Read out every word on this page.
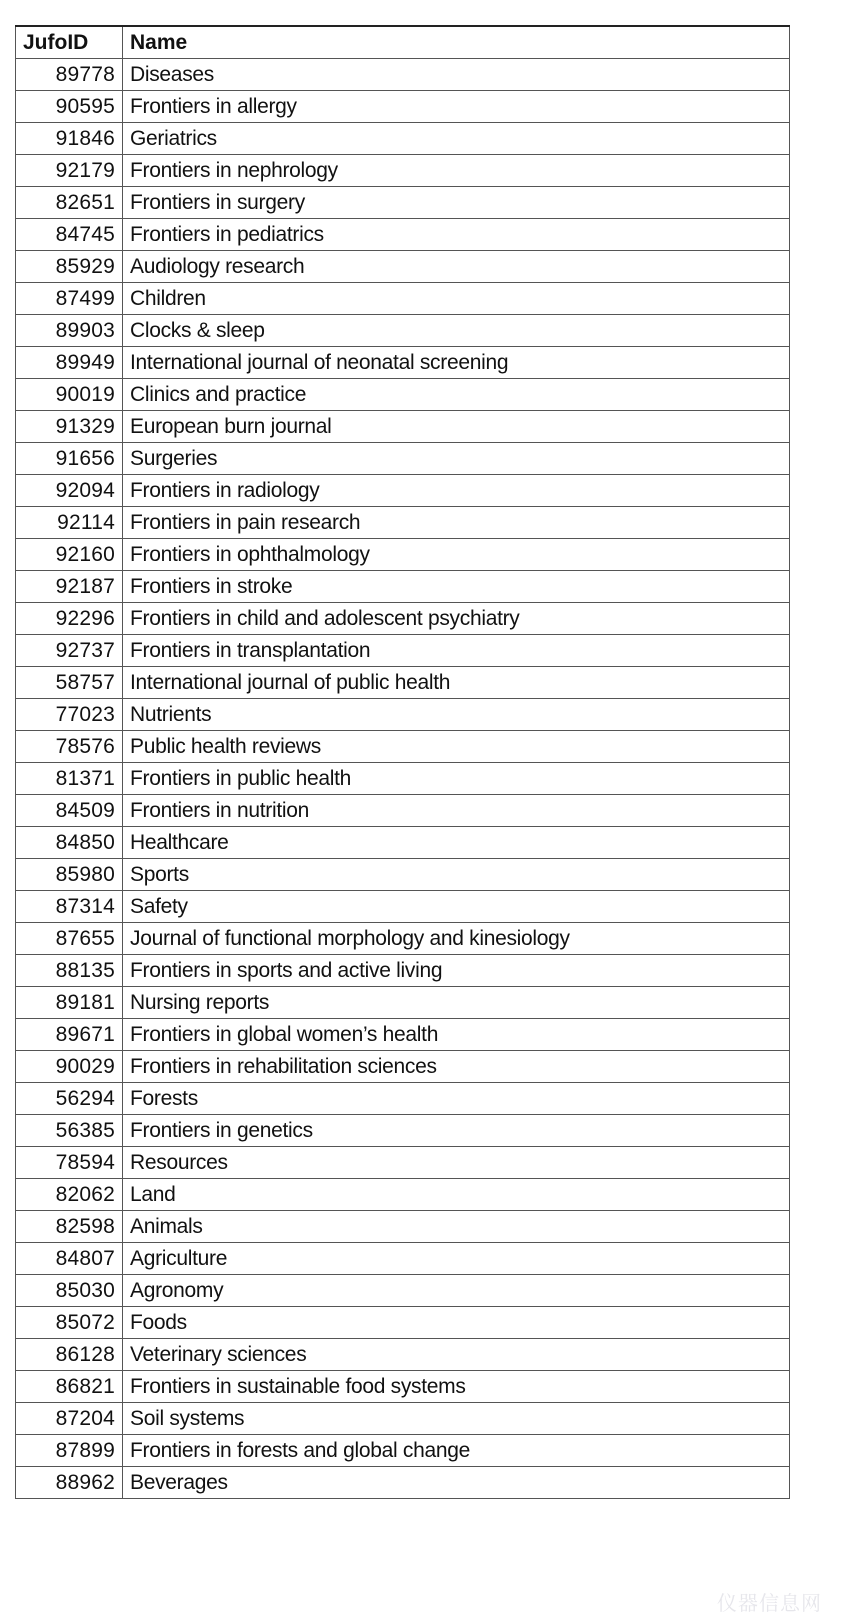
JufoID	Name
89778	Diseases
90595	Frontiers in allergy
91846	Geriatrics
92179	Frontiers in nephrology
82651	Frontiers in surgery
84745	Frontiers in pediatrics
85929	Audiology research
87499	Children
89903	Clocks & sleep
89949	International journal of neonatal screening
90019	Clinics and practice
91329	European burn journal
91656	Surgeries
92094	Frontiers in radiology
92114	Frontiers in pain research
92160	Frontiers in ophthalmology
92187	Frontiers in stroke
92296	Frontiers in child and adolescent psychiatry
92737	Frontiers in transplantation
58757	International journal of public health
77023	Nutrients
78576	Public health reviews
81371	Frontiers in public health
84509	Frontiers in nutrition
84850	Healthcare
85980	Sports
87314	Safety
87655	Journal of functional morphology and kinesiology
88135	Frontiers in sports and active living
89181	Nursing reports
89671	Frontiers in global women’s health
90029	Frontiers in rehabilitation sciences
56294	Forests
56385	Frontiers in genetics
78594	Resources
82062	Land
82598	Animals
84807	Agriculture
85030	Agronomy
85072	Foods
86128	Veterinary sciences
86821	Frontiers in sustainable food systems
87204	Soil systems
87899	Frontiers in forests and global change
88962	Beverages
仪器信息网
